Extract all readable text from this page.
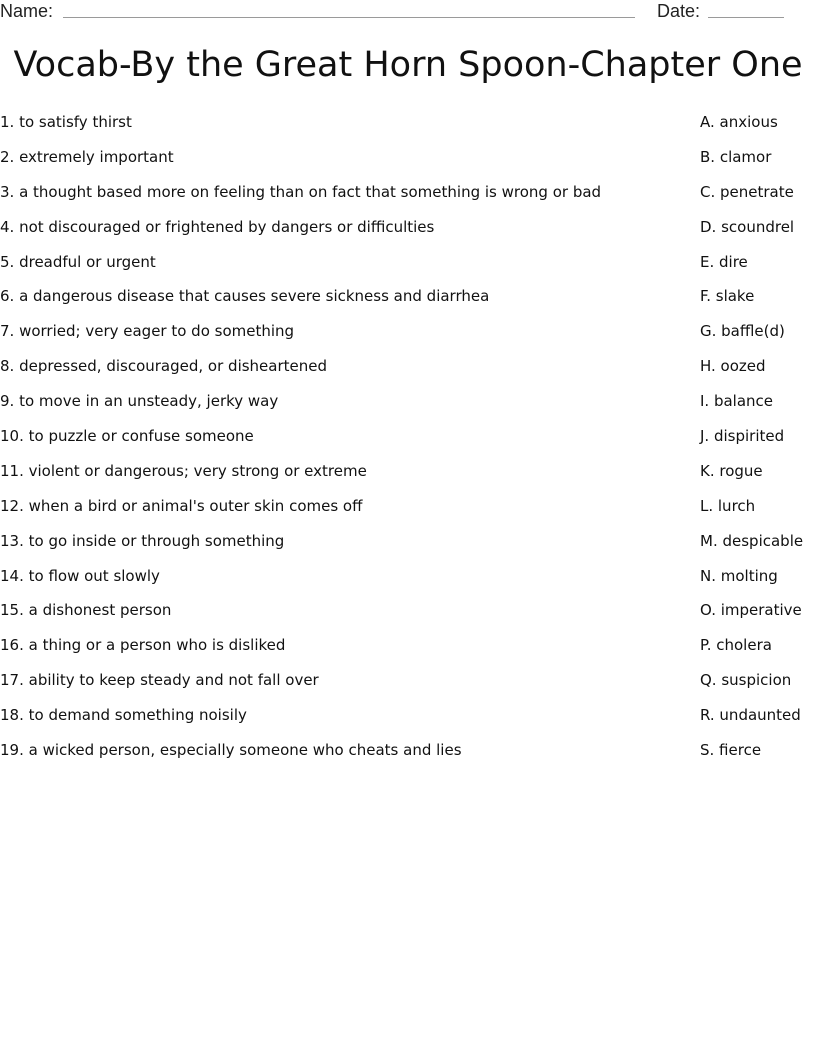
Name:	Date:
Vocab-By the Great Horn Spoon-Chapter One
1. to satisfy thirst
2. extremely important
3. a thought based more on feeling than on fact that something is wrong or bad
4. not discouraged or frightened by dangers or difficulties
5. dreadful or urgent
6. a dangerous disease that causes severe sickness and diarrhea
7. worried; very eager to do something
8. depressed, discouraged, or disheartened
9. to move in an unsteady, jerky way
10. to puzzle or confuse someone
11. violent or dangerous; very strong or extreme
12. when a bird or animal's outer skin comes off
13. to go inside or through something
14. to flow out slowly
15. a dishonest person
16. a thing or a person who is disliked
17. ability to keep steady and not fall over
18. to demand something noisily
19. a wicked person, especially someone who cheats and lies
A. anxious
B. clamor
C. penetrate
D. scoundrel
E. dire
F. slake
G. baffle(d)
H. oozed
I. balance
J. dispirited
K. rogue
L. lurch
M. despicable
N. molting
O. imperative
P. cholera
Q. suspicion
R. undaunted
S. fierce
